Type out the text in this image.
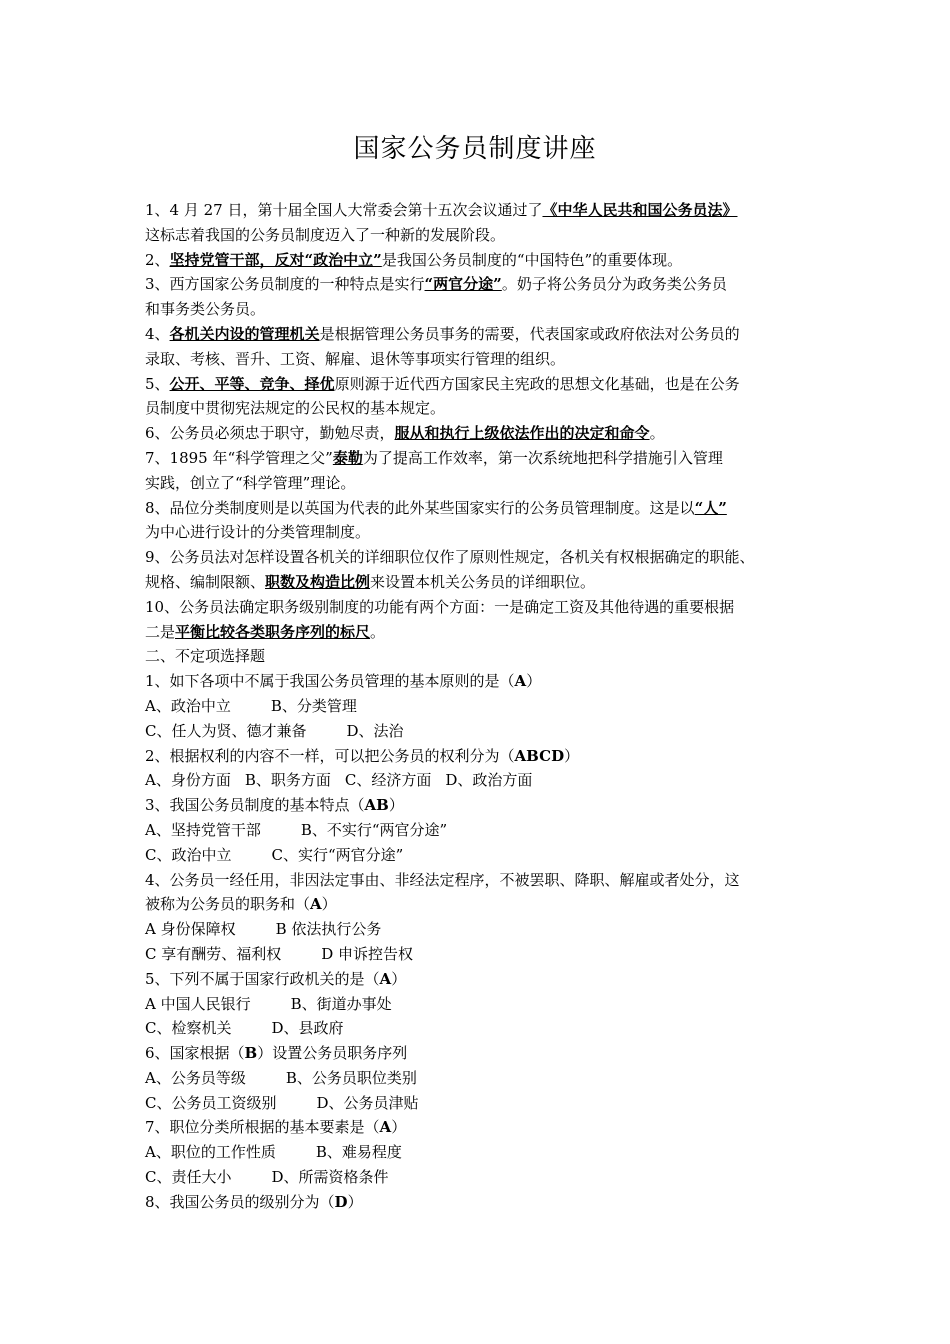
国家公务员制度讲座
1、4 月 27 日，第十届全国人大常委会第十五次会议通过了《中华人民共和国公务员法》
这标志着我国的公务员制度迈入了一种新的发展阶段。
2、坚持党管干部，反对“政治中立”是我国公务员制度的“中国特色”的重要体现。
3、西方国家公务员制度的一种特点是实行“两官分途”。奶子将公务员分为政务类公务员
和事务类公务员。
4、各机关内设的管理机关是根据管理公务员事务的需要，代表国家或政府依法对公务员的
录取、考核、晋升、工资、解雇、退休等事项实行管理的组织。
5、公开、平等、竞争、择优原则源于近代西方国家民主宪政的思想文化基础，也是在公务
员制度中贯彻宪法规定的公民权的基本规定。
6、公务员必须忠于职守，勤勉尽责，服从和执行上级依法作出的决定和命令。
7、1895 年“科学管理之父”泰勒为了提高工作效率，第一次系统地把科学措施引入管理
实践，创立了“科学管理”理论。
8、品位分类制度则是以英国为代表的此外某些国家实行的公务员管理制度。这是以“人”
为中心进行设计的分类管理制度。
9、公务员法对怎样设置各机关的详细职位仅作了原则性规定，各机关有权根据确定的职能、
规格、编制限额、职数及构造比例来设置本机关公务员的详细职位。
10、公务员法确定职务级别制度的功能有两个方面：一是确定工资及其他待遇的重要根据
二是平衡比较各类职务序列的标尺。
二、不定项选择题
1、如下各项中不属于我国公务员管理的基本原则的是（A）
A、政治中立	B、分类管理
C、任人为贤、德才兼备	D、法治
2、根据权利的内容不一样，可以把公务员的权利分为（ABCD）
A、身份方面 B、职务方面 C、经济方面 D、政治方面
3、我国公务员制度的基本特点（AB）
A、坚持党管干部	B、不实行“两官分途”
C、政治中立	C、实行“两官分途”
4、公务员一经任用，非因法定事由、非经法定程序，不被罢职、降职、解雇或者处分，这
被称为公务员的职务和（A）
A 身份保障权	B 依法执行公务
C 享有酬劳、福利权	D 申诉控告权
5、下列不属于国家行政机关的是（A）
A 中国人民银行	B、街道办事处
C、检察机关	D、县政府
6、国家根据（B）设置公务员职务序列
A、公务员等级	B、公务员职位类别
C、公务员工资级别	D、公务员津贴
7、职位分类所根据的基本要素是（A）
A、职位的工作性质	B、难易程度
C、责任大小	D、所需资格条件
8、我国公务员的级别分为（D）
